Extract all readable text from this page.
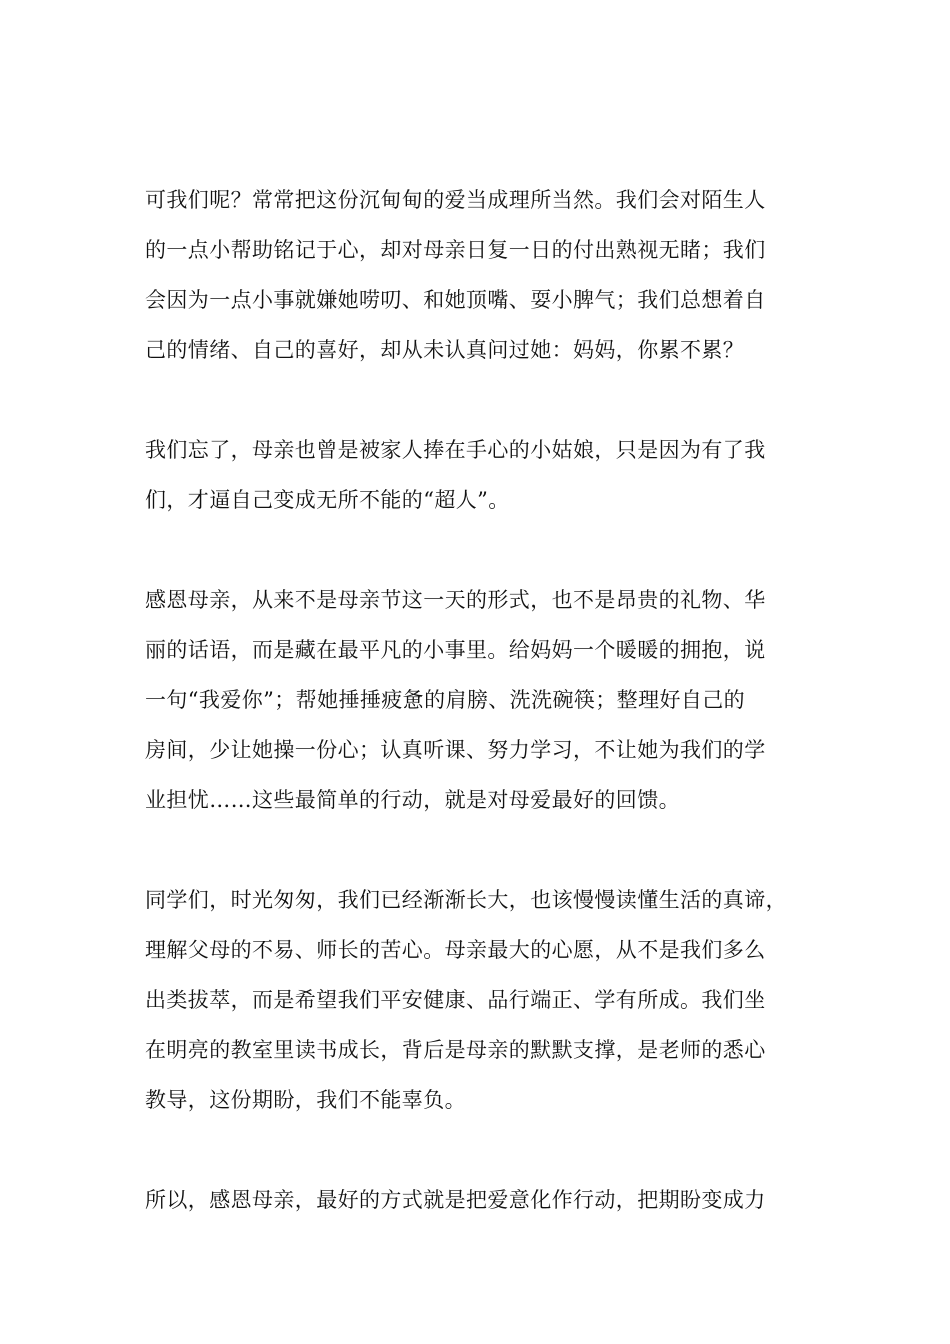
可我们呢？常常把这份沉甸甸的爱当成理所当然。我们会对陌生人
的一点小帮助铭记于心，却对母亲日复一日的付出熟视无睹；我们
会因为一点小事就嫌她唠叨、和她顶嘴、耍小脾气；我们总想着自
己的情绪、自己的喜好，却从未认真问过她：妈妈，你累不累？
我们忘了，母亲也曾是被家人捧在手心的小姑娘，只是因为有了我
们，才逼自己变成无所不能的“超人”。
感恩母亲，从来不是母亲节这一天的形式，也不是昂贵的礼物、华
丽的话语，而是藏在最平凡的小事里。给妈妈一个暖暖的拥抱，说
一句“我爱你”；帮她捶捶疲惫的肩膀、洗洗碗筷；整理好自己的
房间，少让她操一份心；认真听课、努力学习，不让她为我们的学
业担忧……这些最简单的行动，就是对母爱最好的回馈。
同学们，时光匆匆，我们已经渐渐长大，也该慢慢读懂生活的真谛，
理解父母的不易、师长的苦心。母亲最大的心愿，从不是我们多么
出类拔萃，而是希望我们平安健康、品行端正、学有所成。我们坐
在明亮的教室里读书成长，背后是母亲的默默支撑，是老师的悉心
教导，这份期盼，我们不能辜负。
所以，感恩母亲，最好的方式就是把爱意化作行动，把期盼变成力
